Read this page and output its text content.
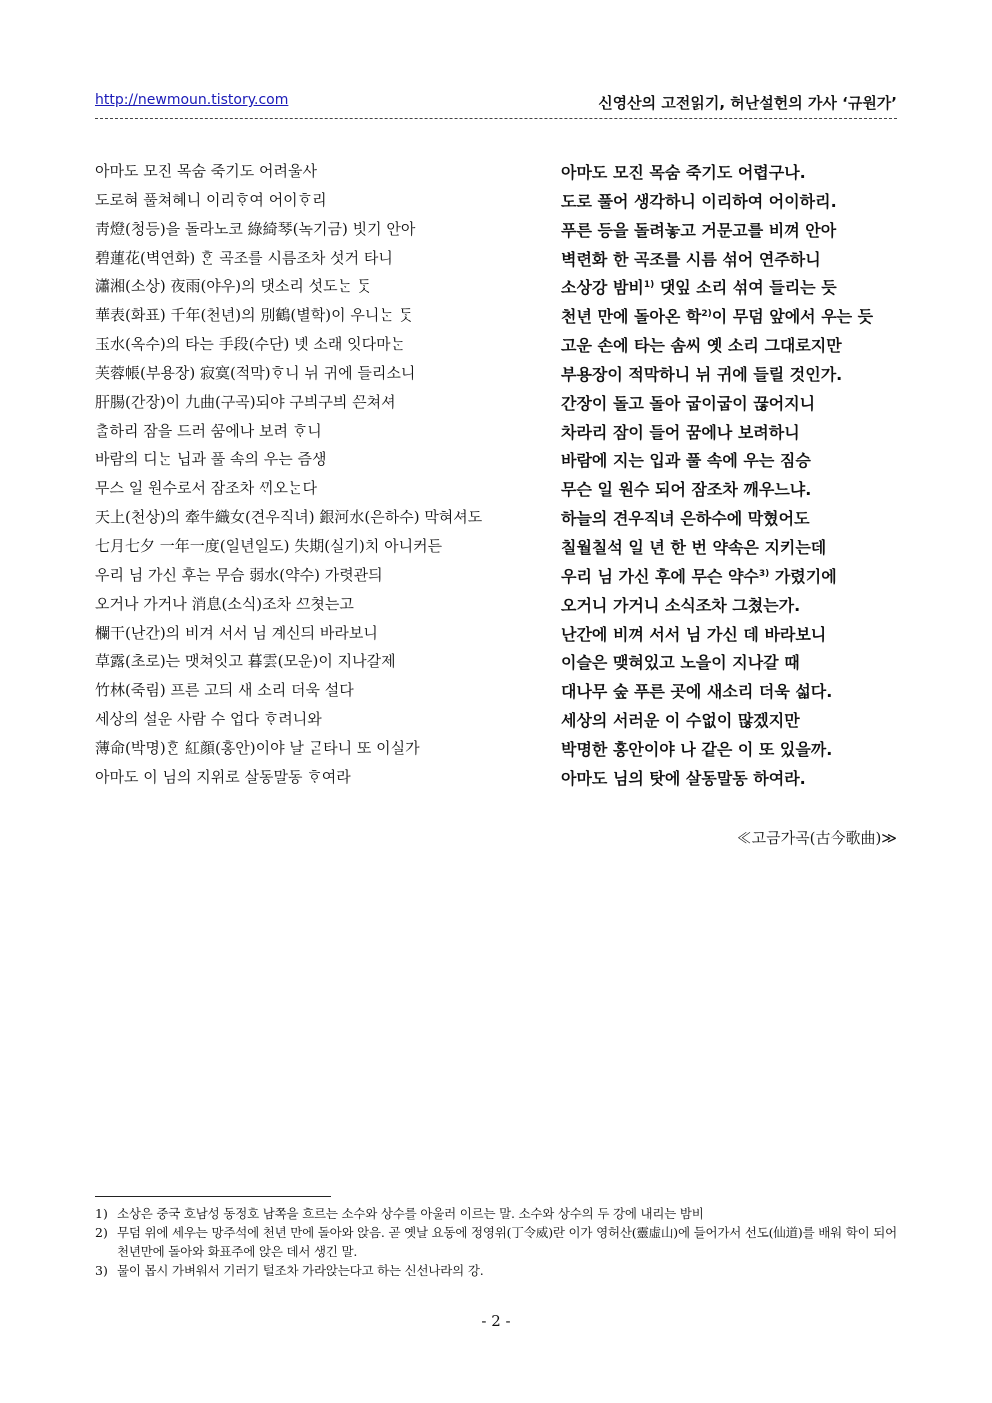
http://newmoun.tistory.com	신영산의 고전읽기, 허난설헌의 가사 ‘규원가’
아마도 모진 목숨 죽기도 어려울사	아마도 모진 목숨 죽기도 어렵구나.
도로혀 풀쳐혜니 이리ᄒᆞ여 어이ᄒᆞ리	도로 풀어 생각하니 이리하여 어이하리.
靑燈(청등)을 돌라노코 綠綺琴(녹기금) 빗기 안아	푸른 등을 돌려놓고 거문고를 비껴 안아
碧蓮花(벽연화) ᄒᆞᆫ 곡조를 시름조차 섯거 타니	벽련화 한 곡조를 시름 섞어 연주하니
瀟湘(소상) 夜雨(야우)의 댓소리 섯도ᄂᆞᆫ ᄃᆞᆺ	소상강 밤비$^{1)}$ 댓잎 소리 섞여 들리는 듯
華表(화표) 千年(천년)의 別鶴(별학)이 우니ᄂᆞᆫ ᄃᆞᆺ	천년 만에 돌아온 학$^{2)}$이 무덤 앞에서 우는 듯
玉水(옥수)의 타는 手段(수단) 녯 소래 잇다마ᄂᆞᆫ	고운 손에 타는 솜씨 옛 소리 그대로지만
芙蓉帳(부용장) 寂寞(적막)ᄒᆞ니 뉘 귀에 들리소니	부용장이 적막하니 뉘 귀에 들릴 것인가.
肝腸(간장)이 九曲(구곡)되야 구븨구븨 ᄭᅳᆫ쳐셔	간장이 돌고 돌아 굽이굽이 끊어지니
ᄎᆞᆯ하리 잠을 드러 ᄭᅮᆷ에나 보려 ᄒᆞ니	차라리 잠이 들어 꿈에나 보려하니
바람의 디ᄂᆞᆫ 닙과 풀 속의 우는 즘생	바람에 지는 입과 풀 속에 우는 짐승
무스 일 원수로서 잠조차 ᄭᆡ오ᄂᆞᆫ다	무슨 일 원수 되어 잠조차 깨우느냐.
天上(천상)의 牽牛織女(견우직녀) 銀河水(은하수) 막혀셔도	하늘의 견우직녀 은하수에 막혔어도
七月七夕 一年一度(일년일도) 失期(실기)치 아니커든	칠월칠석 일 년 한 번 약속은 지키는데
우리 님 가신 후는 무슴 弱水(약수) 가렷관듸	우리 님 가신 후에 무슨 약수$^{3)}$ 가렸기에
오거나 가거나 消息(소식)조차 ᄭᅳ쳣는고	오거니 가거니 소식조차 그쳤는가.
欄干(난간)의 비겨 서서 님 계신듸 바라보니	난간에 비껴 서서 님 가신 데 바라보니
草露(초로)는 맷쳐잇고 暮雲(모운)이 지나갈제	이슬은 맺혀있고 노을이 지나갈 때
竹林(죽림) 프른 고듸 새 소리 더욱 설다	대나무 숲 푸른 곳에 새소리 더욱 섧다.
세상의 설운 사람 수 업다 ᄒᆞ려니와	세상의 서러운 이 수없이 많겠지만
薄命(박명)ᄒᆞᆫ 紅顔(홍안)이야 날 ᄀᆞᆮ타니 또 이실가	박명한 홍안이야 나 같은 이 또 있을까.
아마도 이 님의 지위로 살동말동 ᄒᆞ여라	아마도 님의 탓에 살동말동 하여라.
≪고금가곡(古今歌曲)≫
1) 소상은 중국 호남성 동정호 남쪽을 흐르는 소수와 상수를 아울러 이르는 말. 소수와 상수의 두 강에 내리는 밤비
2) 무덤 위에 세우는 망주석에 천년 만에 돌아와 앉음. 곧 옛날 요동에 정영위(丁令威)란 이가 영허산(靈虛山)에 들어가서 선도(仙道)를 배워 학이 되어 천년만에 돌아와 화표주에 앉은 데서 생긴 말.
3) 물이 몹시 가벼워서 기러기 털조차 가라앉는다고 하는 신선나라의 강.
- 2 -
